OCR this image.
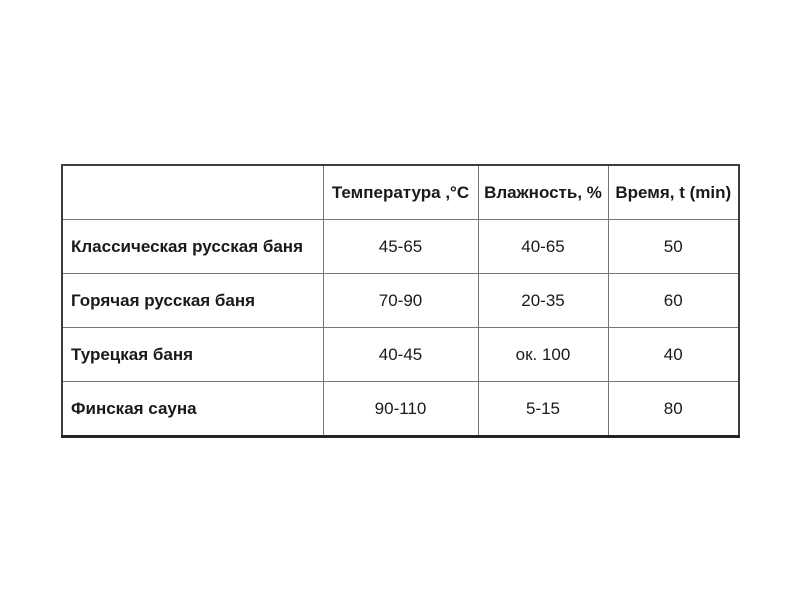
	Температура ,°C	Влажность, %	Время, t (min)
Классическая русская баня	45-65	40-65	50
Горячая русская баня	70-90	20-35	60
Турецкая баня	40-45	ок. 100	40
Финская сауна	90-110	5-15	80
